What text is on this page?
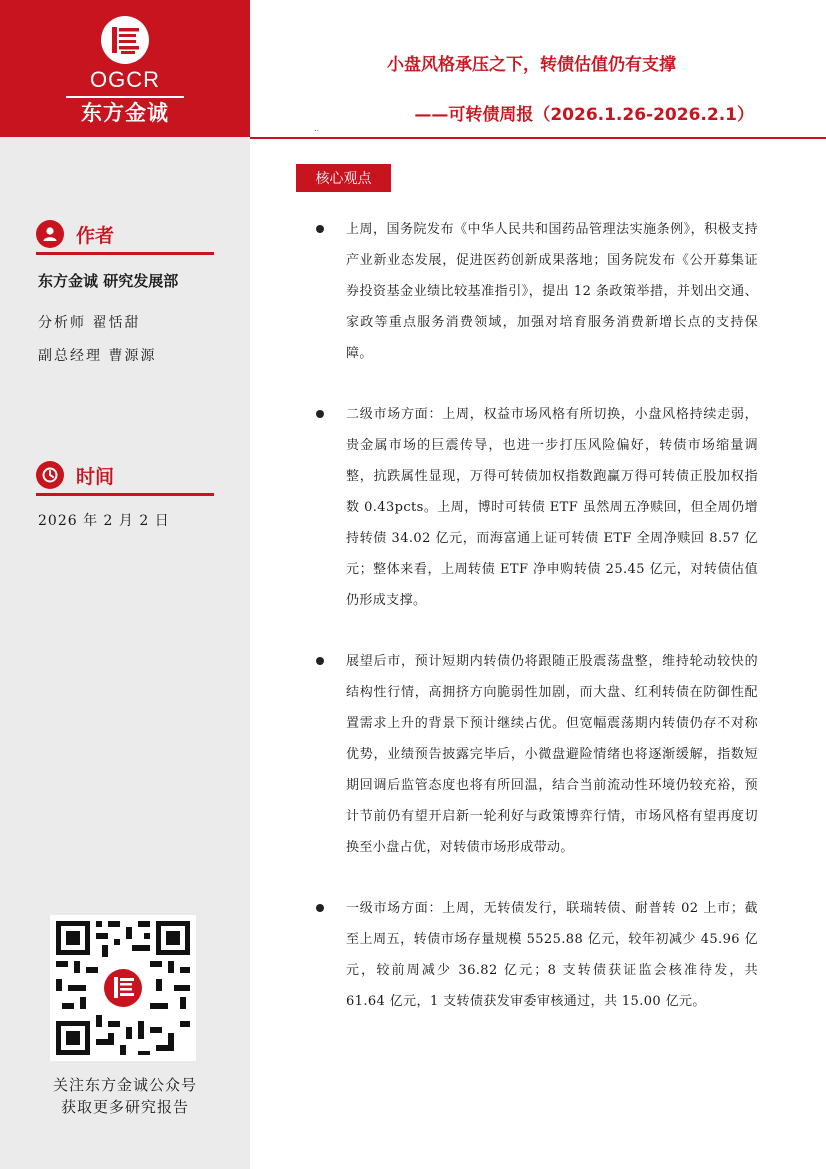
OGCR
东方金诚
作者
东方金诚 研究发展部
分析师 翟恬甜
副总经理 曹源源
时间
2026 年 2 月 2 日
关注东方金诚公众号
获取更多研究报告
小盘风格承压之下，转债估值仍有支撑
——可转债周报（2026.1.26-2026.2.1）
..
核心观点

上周，国务院发布《中华人民共和国药品管理法实施条例》，积极支持产业新业态发展，促进医药创新成果落地；国务院发布《公开募集证券投资基金业绩比较基准指引》，提出 12 条政策举措，并划出交通、家政等重点服务消费领域，加强对培育服务消费新增长点的支持保障。

二级市场方面：上周，权益市场风格有所切换，小盘风格持续走弱，贵金属市场的巨震传导，也进一步打压风险偏好，转债市场缩量调整，抗跌属性显现，万得可转债加权指数跑赢万得可转债正股加权指数 0.43pcts。上周，博时可转债 ETF 虽然周五净赎回，但全周仍增持转债 34.02 亿元，而海富通上证可转债 ETF 全周净赎回 8.57 亿元；整体来看，上周转债 ETF 净申购转债 25.45 亿元，对转债估值仍形成支撑。

展望后市，预计短期内转债仍将跟随正股震荡盘整，维持轮动较快的结构性行情，高拥挤方向脆弱性加剧，而大盘、红利转债在防御性配置需求上升的背景下预计继续占优。但宽幅震荡期内转债仍存不对称优势，业绩预告披露完毕后，小微盘避险情绪也将逐渐缓解，指数短期回调后监管态度也将有所回温，结合当前流动性环境仍较充裕，预计节前仍有望开启新一轮利好与政策博弈行情，市场风格有望再度切换至小盘占优，对转债市场形成带动。

一级市场方面：上周，无转债发行，联瑞转债、耐普转 02 上市；截至上周五，转债市场存量规模 5525.88 亿元，较年初减少 45.96 亿元，较前周减少 36.82 亿元；8 支转债获证监会核准待发，共 61.64 亿元，1 支转债获发审委审核通过，共 15.00 亿元。
